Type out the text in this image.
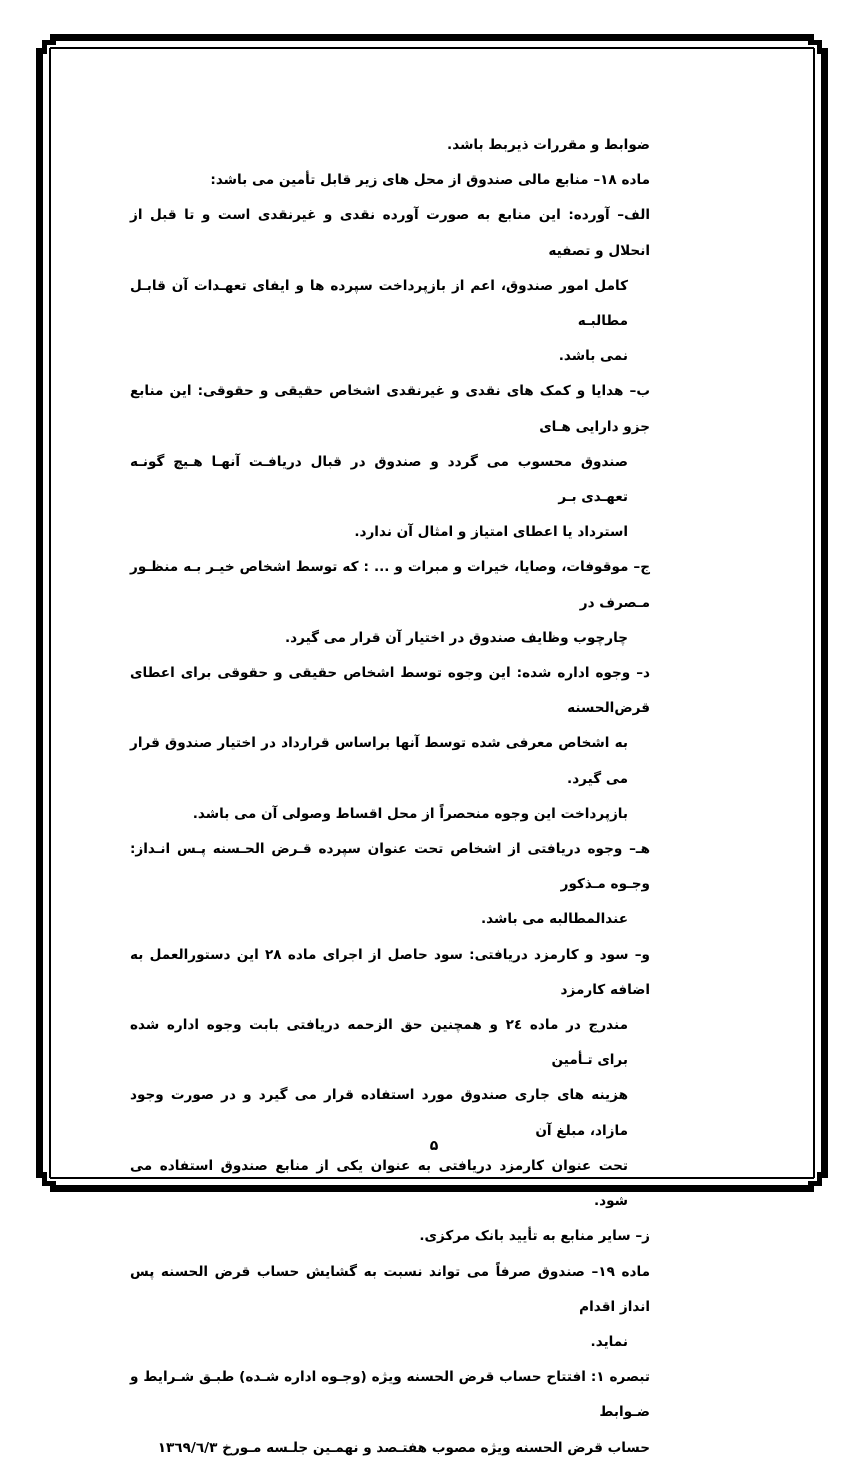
ضوابط و مقررات ذیربط باشد.

ماده ۱۸– منابع مالی صندوق از محل های زیر قابل تأمین می باشد:

الف– آورده: این منابع به صورت آورده نقدی و غیرنقدی است و تا قبل از انحلال و تصفیه

کامل امور صندوق، اعم از بازپرداخت سپرده ها و ایفای تعهـدات آن قابـل مطالبـه

نمی باشد.

ب– هدایا و کمک های نقدی و غیرنقدی اشخاص حقیقی و حقوقی: این منابع جزو دارایی هـای

صندوق محسوب می گردد و صندوق در قبال دریافـت آنهـا هـیچ گونـه تعهـدی بـر

استرداد یا اعطای امتیاز و امثال آن ندارد.

ج– موقوفات، وصایا، خیرات و مبرات و ... : که توسط اشخاص خیـر بـه منظـور مـصرف در

چارچوب وظایف صندوق در اختیار آن قرار می گیرد.

د– وجوه اداره شده: این وجوه توسط اشخاص حقیقی و حقوقی برای اعطای قرض‌الحسنه

به اشخاص معرفی شده توسط آنها براساس قرارداد در اختیار صندوق قرار می گیرد.

بازپرداخت این وجوه منحصراً از محل اقساط وصولی آن می باشد.

هـ– وجوه دریافتی از اشخاص تحت عنوان سپرده قـرض الحـسنه پـس انـداز: وجـوه مـذکور

عندالمطالبه می باشد.

و– سود و کارمزد دریافتی: سود حاصل از اجرای ماده ۲۸ این دستورالعمل به اضافه کارمزد

مندرج در ماده ۲٤ و همچنین حق الزحمه دریافتی بابت وجوه اداره شده برای تـأمین

هزینه های جاری صندوق مورد استفاده قرار می گیرد و در صورت وجود مازاد، مبلغ آن

تحت عنوان کارمزد دریافتی به عنوان یکی از منابع صندوق استفاده می شود.

ز– سایر منابع به تأیید بانک مرکزی.

ماده ۱۹– صندوق صرفاً می تواند نسبت به گشایش حساب قرض الحسنه پس انداز اقدام

نماید.

تبصره ۱: افتتاح حساب قرض الحسنه ویژه (وجـوه اداره شـده) طبـق شـرایط و ضـوابط

حساب قرض الحسنه ویژه مصوب هفتـصد و نهمـین جلـسه مـورخ ۱۳٦۹/٦/۳

۵
